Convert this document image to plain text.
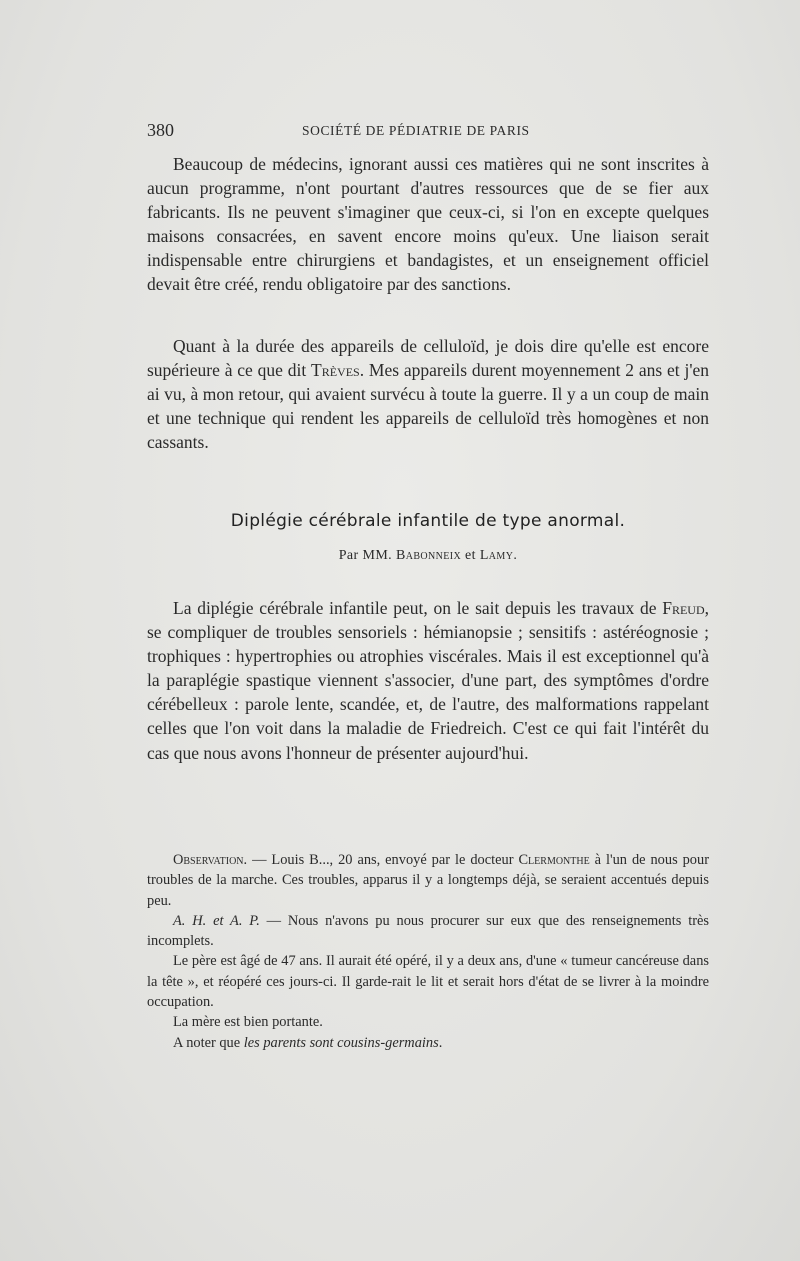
380	SOCIÉTÉ DE PÉDIATRIE DE PARIS
Beaucoup de médecins, ignorant aussi ces matières qui ne sont inscrites à aucun programme, n'ont pourtant d'autres ressources que de se fier aux fabricants. Ils ne peuvent s'imaginer que ceux-ci, si l'on en excepte quelques maisons consacrées, en savent encore moins qu'eux. Une liaison serait indispensable entre chirurgiens et bandagistes, et un enseignement officiel devait être créé, rendu obligatoire par des sanctions.
Quant à la durée des appareils de celluloïd, je dois dire qu'elle est encore supérieure à ce que dit Trèves. Mes appareils durent moyennement 2 ans et j'en ai vu, à mon retour, qui avaient survécu à toute la guerre. Il y a un coup de main et une technique qui rendent les appareils de celluloïd très homogènes et non cassants.
Diplégie cérébrale infantile de type anormal.
Par MM. Babonneix et Lamy.
La diplégie cérébrale infantile peut, on le sait depuis les travaux de Freud, se compliquer de troubles sensoriels : hémianopsie ; sensitifs : astéréognosie ; trophiques : hypertrophies ou atrophies viscérales. Mais il est exceptionnel qu'à la paraplégie spastique viennent s'associer, d'une part, des symptômes d'ordre cérébelleux : parole lente, scandée, et, de l'autre, des malformations rappelant celles que l'on voit dans la maladie de Friedreich. C'est ce qui fait l'intérêt du cas que nous avons l'honneur de présenter aujourd'hui.
Observation. — Louis B..., 20 ans, envoyé par le docteur Clermonthe à l'un de nous pour troubles de la marche. Ces troubles, apparus il y a longtemps déjà, se seraient accentués depuis peu.
A. H. et A. P. — Nous n'avons pu nous procurer sur eux que des renseignements très incomplets.
Le père est âgé de 47 ans. Il aurait été opéré, il y a deux ans, d'une « tumeur cancéreuse dans la tête », et réopéré ces jours-ci. Il garde-rait le lit et serait hors d'état de se livrer à la moindre occupation.
La mère est bien portante.
A noter que les parents sont cousins-germains.
